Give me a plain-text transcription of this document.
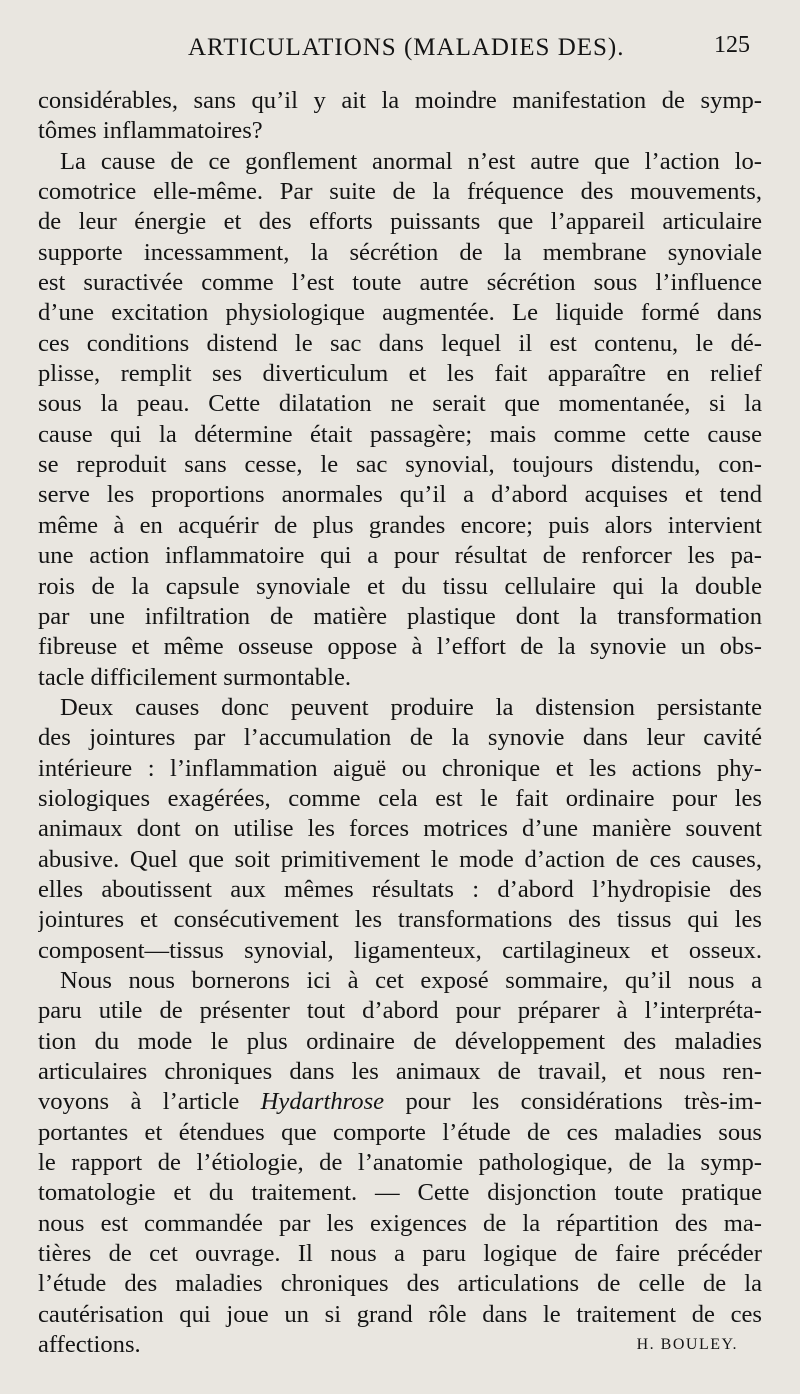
ARTICULATIONS (MALADIES DES).	125
considérables, sans qu’il y ait la moindre manifestation de symp-
tômes inflammatoires?
La cause de ce gonflement anormal n’est autre que l’action lo-
comotrice elle-même. Par suite de la fréquence des mouvements,
de leur énergie et des efforts puissants que l’appareil articulaire
supporte incessamment, la sécrétion de la membrane synoviale
est suractivée comme l’est toute autre sécrétion sous l’influence
d’une excitation physiologique augmentée. Le liquide formé dans
ces conditions distend le sac dans lequel il est contenu, le dé-
plisse, remplit ses diverticulum et les fait apparaître en relief
sous la peau. Cette dilatation ne serait que momentanée, si la
cause qui la détermine était passagère; mais comme cette cause
se reproduit sans cesse, le sac synovial, toujours distendu, con-
serve les proportions anormales qu’il a d’abord acquises et tend
même à en acquérir de plus grandes encore; puis alors intervient
une action inflammatoire qui a pour résultat de renforcer les pa-
rois de la capsule synoviale et du tissu cellulaire qui la double
par une infiltration de matière plastique dont la transformation
fibreuse et même osseuse oppose à l’effort de la synovie un obs-
tacle difficilement surmontable.
Deux causes donc peuvent produire la distension persistante
des jointures par l’accumulation de la synovie dans leur cavité
intérieure : l’inflammation aiguë ou chronique et les actions phy-
siologiques exagérées, comme cela est le fait ordinaire pour les
animaux dont on utilise les forces motrices d’une manière souvent
abusive. Quel que soit primitivement le mode d’action de ces causes,
elles aboutissent aux mêmes résultats : d’abord l’hydropisie des
jointures et consécutivement les transformations des tissus qui les
composent—tissus synovial, ligamenteux, cartilagineux et osseux.
Nous nous bornerons ici à cet exposé sommaire, qu’il nous a
paru utile de présenter tout d’abord pour préparer à l’interpréta-
tion du mode le plus ordinaire de développement des maladies
articulaires chroniques dans les animaux de travail, et nous ren-
voyons à l’article Hydarthrose pour les considérations très-im-
portantes et étendues que comporte l’étude de ces maladies sous
le rapport de l’étiologie, de l’anatomie pathologique, de la symp-
tomatologie et du traitement. — Cette disjonction toute pratique
nous est commandée par les exigences de la répartition des ma-
tières de cet ouvrage. Il nous a paru logique de faire précéder
l’étude des maladies chroniques des articulations de celle de la
cautérisation qui joue un si grand rôle dans le traitement de ces
affections.	H. BOULEY.
